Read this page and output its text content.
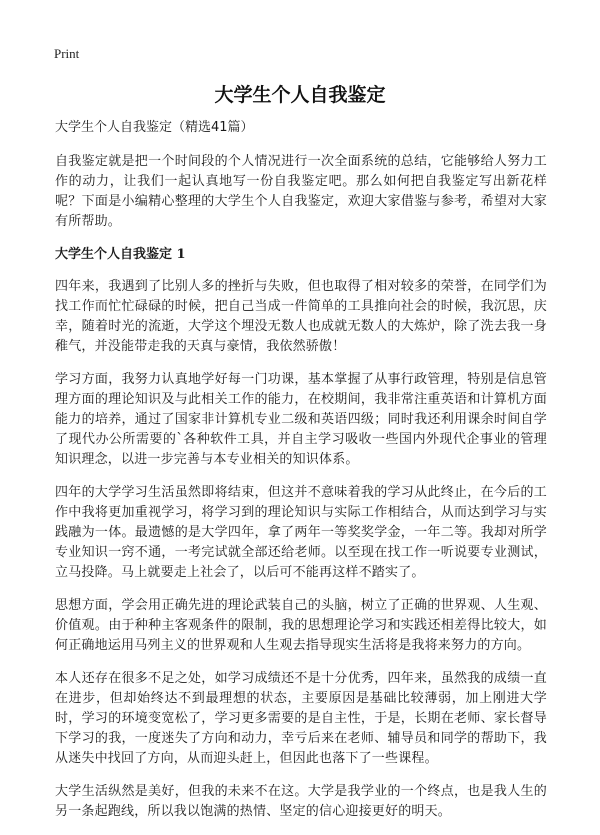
Print
大学生个人自我鉴定

大学生个人自我鉴定（精选41篇）

自我鉴定就是把一个时间段的个人情况进行一次全面系统的总结，它能够给人努力工作的动力，让我们一起认真地写一份自我鉴定吧。那么如何把自我鉴定写出新花样呢？下面是小编精心整理的大学生个人自我鉴定，欢迎大家借鉴与参考，希望对大家有所帮助。

大学生个人自我鉴定 1

四年来，我遇到了比别人多的挫折与失败，但也取得了相对较多的荣誉，在同学们为找工作而忙忙碌碌的时候，把自己当成一件简单的工具推向社会的时候，我沉思，庆幸，随着时光的流逝，大学这个埋没无数人也成就无数人的大炼炉，除了洗去我一身稚气，并没能带走我的天真与豪情，我依然骄傲！

学习方面，我努力认真地学好每一门功课，基本掌握了从事行政管理，特别是信息管理方面的理论知识及与此相关工作的能力，在校期间，我非常注重英语和计算机方面能力的培养，通过了国家非计算机专业二级和英语四级；同时我还利用课余时间自学了现代办公所需要的`各种软件工具，并自主学习吸收一些国内外现代企事业的管理知识理念，以进一步完善与本专业相关的知识体系。

四年的大学学习生活虽然即将结束，但这并不意味着我的学习从此终止，在今后的工作中我将更加重视学习，将学习到的理论知识与实际工作相结合，从而达到学习与实践融为一体。最遗憾的是大学四年，拿了两年一等奖奖学金，一年二等。我却对所学专业知识一窍不通，一考完试就全部还给老师。以至现在找工作一听说要专业测试，立马投降。马上就要走上社会了，以后可不能再这样不踏实了。

思想方面，学会用正确先进的理论武装自己的头脑，树立了正确的世界观、人生观、价值观。由于种种主客观条件的限制，我的思想理论学习和实践还相差得比较大，如何正确地运用马列主义的世界观和人生观去指导现实生活将是我将来努力的方向。

本人还存在很多不足之处，如学习成绩还不是十分优秀，四年来，虽然我的成绩一直在进步，但却始终达不到最理想的状态，主要原因是基础比较薄弱，加上刚进大学时，学习的环境变宽松了，学习更多需要的是自主性，于是，长期在老师、家长督导下学习的我，一度迷失了方向和动力，幸亏后来在老师、辅导员和同学的帮助下，我从迷失中找回了方向，从而迎头赶上，但因此也落下了一些课程。

大学生活纵然是美好，但我的未来不在这。大学是我学业的一个终点，也是我人生的另一条起跑线，所以我以饱满的热情、坚定的信心迎接更好的明天。
